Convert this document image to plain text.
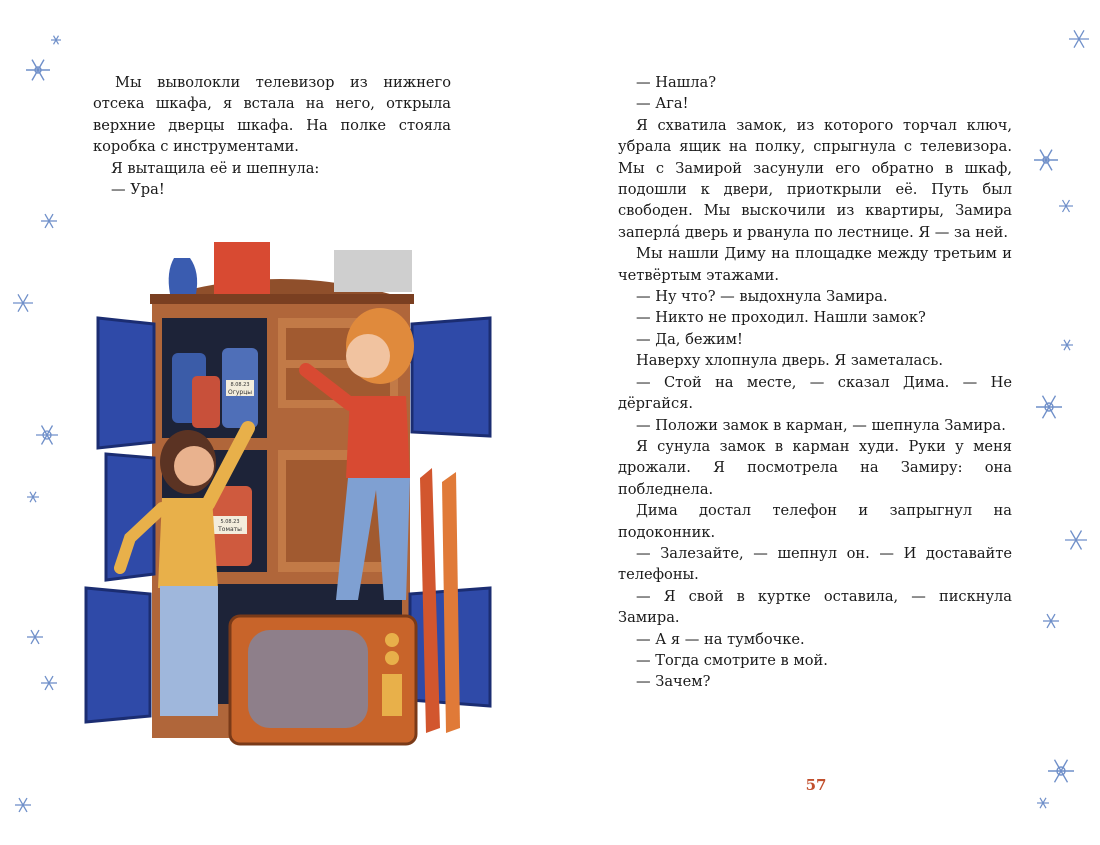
Мы выволокли телевизор из нижнего отсека шкафа, я встала на него, открыла верхние дверцы шкафа. На полке стояла коробка с инструментами.

Я вытащила её и шепнула:

— Ура!

— Нашла?

— Ага!

Я схватила замок, из которого торчал ключ, убрала ящик на полку, спрыгнула с телевизора. Мы с Замирой засунули его обратно в шкаф, подошли к двери, приоткрыли её. Путь был свободен. Мы выскочили из квартиры, Замира заперлá дверь и рванула по лестнице. Я — за ней.

Мы нашли Диму на площадке между третьим и четвёртым этажами.

— Ну что? — выдохнула Замира.

— Никто не проходил. Нашли замок?

— Да, бежим!

Наверху хлопнула дверь. Я заметалась.

— Стой на месте, — сказал Дима. — Не дёргайся.

— Положи замок в карман, — шепнула Замира.

Я сунула замок в карман худи. Руки у меня дрожали. Я посмотрела на Замиру: она побледнела.

Дима достал телефон и запрыгнул на подоконник.

— Залезайте, — шепнул он. — И доставайте телефоны.

— Я свой в куртке оставила, — пискнула Замира.

— А я — на тумбочке.

— Тогда смотрите в мой.

— Зачем?

57
8.08.23
Огурцы
5.08.23
Томаты
